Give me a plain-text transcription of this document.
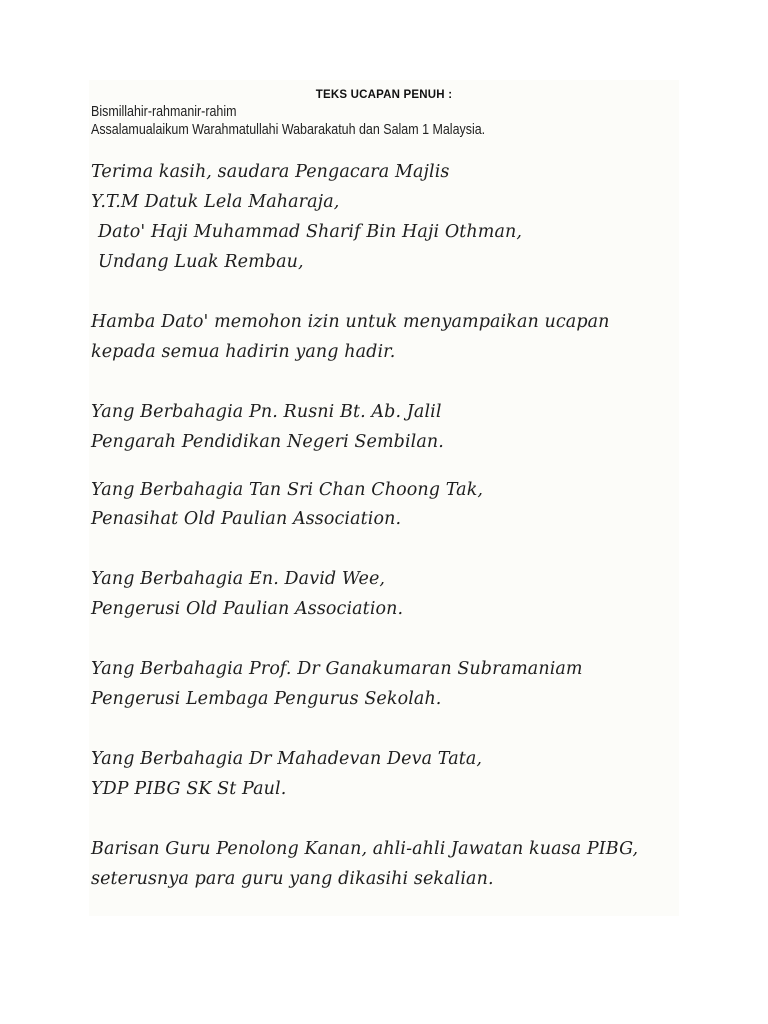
TEKS UCAPAN PENUH :
Bismillahir-rahmanir-rahim
Assalamualaikum Warahmatullahi Wabarakatuh dan Salam 1 Malaysia.
Terima kasih, saudara Pengacara Majlis
Y.T.M Datuk Lela Maharaja,
Dato' Haji Muhammad Sharif Bin Haji Othman,
Undang Luak Rembau,
Hamba Dato' memohon izin untuk menyampaikan ucapan
kepada semua hadirin yang hadir.
Yang Berbahagia Pn. Rusni Bt. Ab. Jalil
Pengarah Pendidikan Negeri Sembilan.
Yang Berbahagia Tan Sri Chan Choong Tak,
Penasihat Old Paulian Association.
Yang Berbahagia En. David Wee,
Pengerusi Old Paulian Association.
Yang Berbahagia Prof. Dr Ganakumaran Subramaniam
Pengerusi Lembaga Pengurus Sekolah.
Yang Berbahagia Dr Mahadevan Deva Tata,
YDP PIBG SK St Paul.
Barisan Guru Penolong Kanan, ahli-ahli Jawatan kuasa PIBG,
seterusnya para guru yang dikasihi sekalian.
